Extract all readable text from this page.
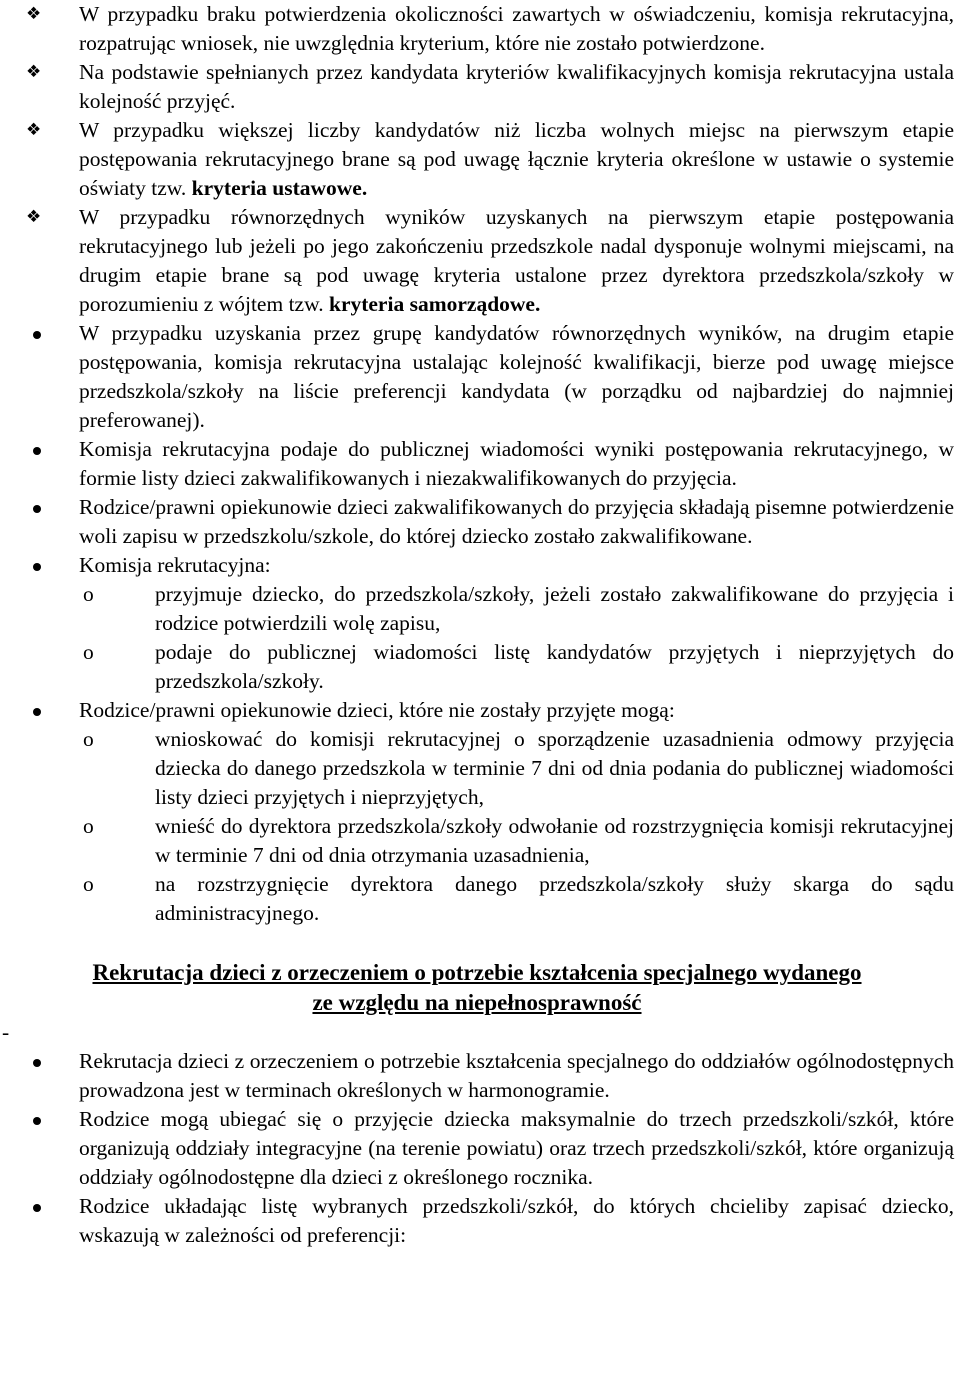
❖	W przypadku braku potwierdzenia okoliczności zawartych w oświadczeniu, komisja rekrutacyjna, rozpatrując wniosek, nie uwzględnia kryterium, które nie zostało potwierdzone.
❖	Na podstawie spełnianych przez kandydata kryteriów kwalifikacyjnych komisja rekrutacyjna ustala kolejność przyjęć.
❖	W przypadku większej liczby kandydatów niż liczba wolnych miejsc na pierwszym etapie postępowania rekrutacyjnego brane są pod uwagę łącznie kryteria określone w ustawie o systemie oświaty tzw. kryteria ustawowe.
❖	W przypadku równorzędnych wyników uzyskanych na pierwszym etapie postępowania rekrutacyjnego lub jeżeli po jego zakończeniu przedszkole nadal dysponuje wolnymi miejscami, na drugim etapie brane są pod uwagę kryteria ustalone przez dyrektora przedszkola/szkoły w porozumieniu z wójtem tzw. kryteria samorządowe.
W przypadku uzyskania przez grupę kandydatów równorzędnych wyników, na drugim etapie postępowania, komisja rekrutacyjna ustalając kolejność kwalifikacji, bierze pod uwagę miejsce przedszkola/szkoły na liście preferencji kandydata (w porządku od najbardziej do najmniej preferowanej).
Komisja rekrutacyjna podaje do publicznej wiadomości wyniki postępowania rekrutacyjnego, w formie listy dzieci zakwalifikowanych i niezakwalifikowanych do przyjęcia.
Rodzice/prawni opiekunowie dzieci zakwalifikowanych do przyjęcia składają pisemne potwierdzenie woli zapisu w przedszkolu/szkole, do której dziecko zostało zakwalifikowane.
Komisja rekrutacyjna:
o	przyjmuje dziecko, do przedszkola/szkoły, jeżeli zostało zakwalifikowane do przyjęcia i rodzice potwierdzili wolę zapisu,
o	podaje do publicznej wiadomości listę kandydatów przyjętych i nieprzyjętych do przedszkola/szkoły.
Rodzice/prawni opiekunowie dzieci, które nie zostały przyjęte mogą:
o	wnioskować do komisji rekrutacyjnej o sporządzenie uzasadnienia odmowy przyjęcia dziecka do danego przedszkola w terminie 7 dni od dnia podania do publicznej wiadomości listy dzieci przyjętych i nieprzyjętych,
o	wnieść do dyrektora przedszkola/szkoły odwołanie od rozstrzygnięcia komisji rekrutacyjnej w terminie 7 dni od dnia otrzymania uzasadnienia,
o	na rozstrzygnięcie dyrektora danego przedszkola/szkoły służy skarga do sądu administracyjnego.
Rekrutacja dzieci z orzeczeniem o potrzebie kształcenia specjalnego wydanego
ze względu na niepełnosprawność
-
Rekrutacja dzieci z orzeczeniem o potrzebie kształcenia specjalnego do oddziałów ogólnodostępnych prowadzona jest w terminach określonych w harmonogramie.
Rodzice mogą ubiegać się o przyjęcie dziecka maksymalnie do trzech przedszkoli/szkół, które organizują oddziały integracyjne (na terenie powiatu) oraz trzech przedszkoli/szkół, które organizują oddziały ogólnodostępne dla dzieci z określonego rocznika.
Rodzice układając listę wybranych przedszkoli/szkół, do których chcieliby zapisać dziecko, wskazują w zależności od preferencji:
